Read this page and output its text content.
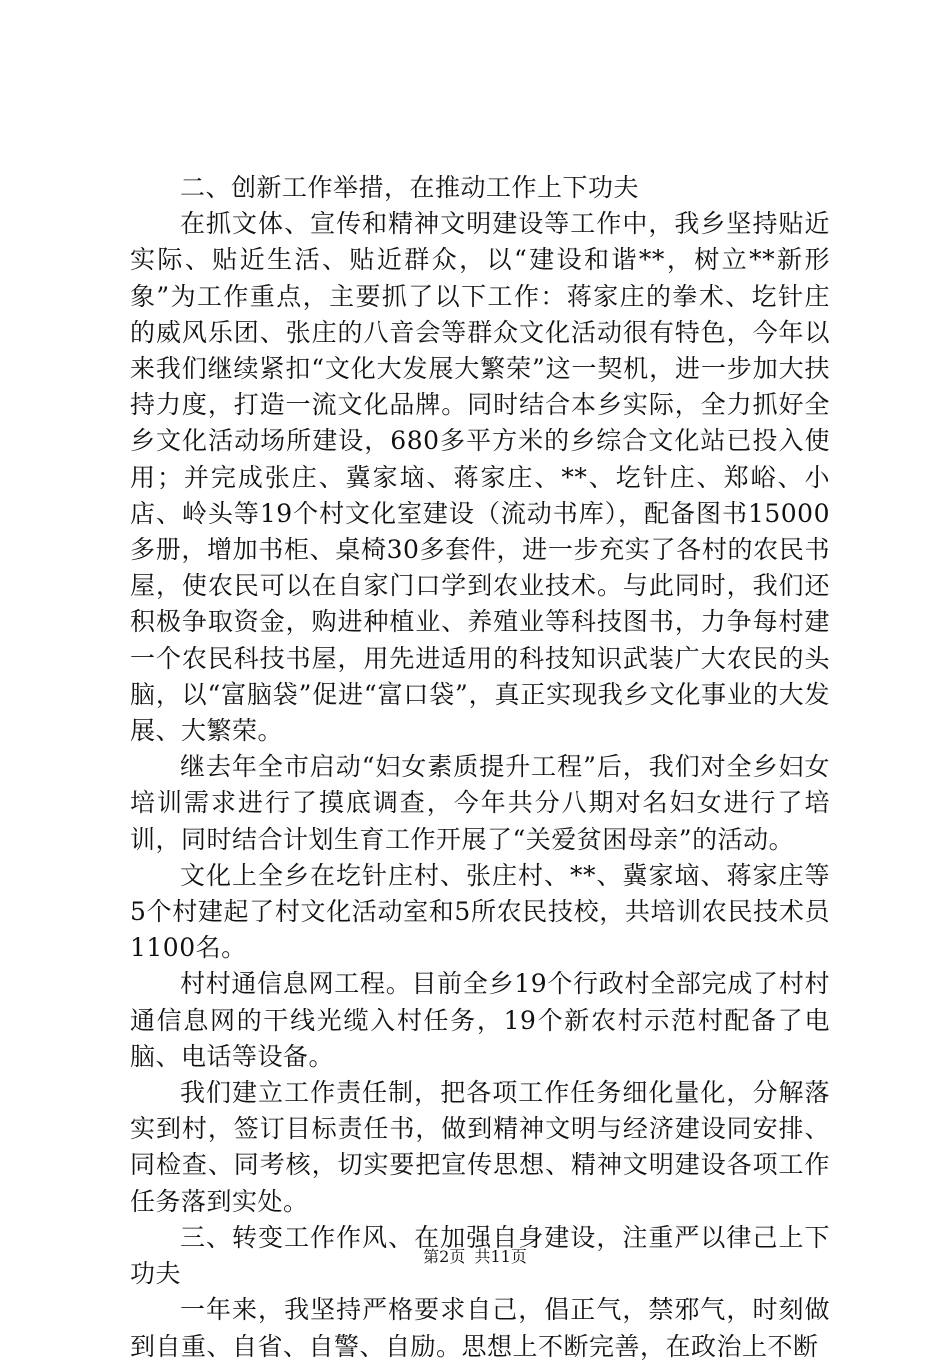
二、创新工作举措，在推动工作上下功夫

在抓文体、宣传和精神文明建设等工作中，我乡坚持贴近实际、贴近生活、贴近群众，以“建设和谐**，树立**新形象”为工作重点，主要抓了以下工作：蒋家庄的拳术、圪针庄的威风乐团、张庄的八音会等群众文化活动很有特色，今年以来我们继续紧扣“文化大发展大繁荣”这一契机，进一步加大扶持力度，打造一流文化品牌。同时结合本乡实际，全力抓好全乡文化活动场所建设，680多平方米的乡综合文化站已投入使用；并完成张庄、冀家垴、蒋家庄、**、圪针庄、郑峪、小店、岭头等19个村文化室建设（流动书库），配备图书15000多册，增加书柜、桌椅30多套件，进一步充实了各村的农民书屋，使农民可以在自家门口学到农业技术。与此同时，我们还积极争取资金，购进种植业、养殖业等科技图书，力争每村建一个农民科技书屋，用先进适用的科技知识武装广大农民的头脑，以“富脑袋”促进“富口袋”，真正实现我乡文化事业的大发展、大繁荣。

继去年全市启动“妇女素质提升工程”后，我们对全乡妇女培训需求进行了摸底调查，今年共分八期对名妇女进行了培训，同时结合计划生育工作开展了“关爱贫困母亲”的活动。

文化上全乡在圪针庄村、张庄村、**、冀家垴、蒋家庄等5个村建起了村文化活动室和5所农民技校，共培训农民技术员1100名。

村村通信息网工程。目前全乡19个行政村全部完成了村村通信息网的干线光缆入村任务，19个新农村示范村配备了电脑、电话等设备。

我们建立工作责任制，把各项工作任务细化量化，分解落实到村，签订目标责任书，做到精神文明与经济建设同安排、同检查、同考核，切实要把宣传思想、精神文明建设各项工作任务落到实处。

三、转变工作作风、在加强自身建设，注重严以律己上下功夫

一年来，我坚持严格要求自己，倡正气，禁邪气，时刻做到自重、自省、自警、自励。思想上不断完善，在政治上不断

第2页 共11页
